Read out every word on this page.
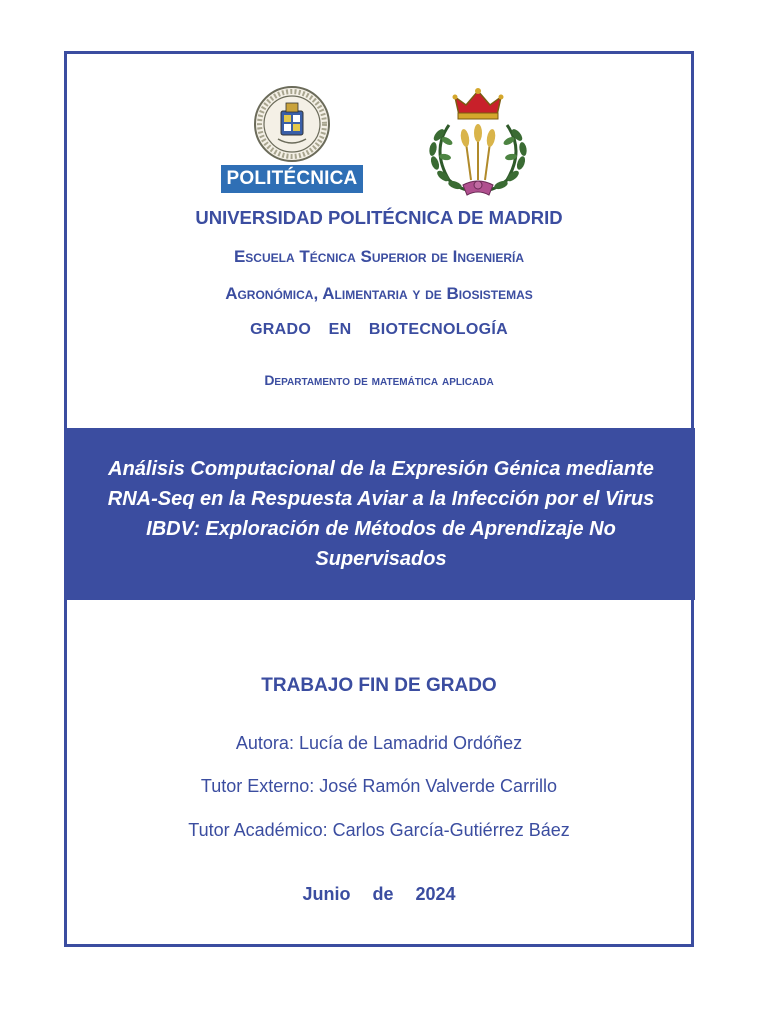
POLITÉCNICA
UNIVERSIDAD POLITÉCNICA DE MADRID
Escuela Técnica Superior de Ingeniería
Agronómica, Alimentaria y de Biosistemas
GRADO  EN  BIOTECNOLOGÍA
Departamento de matemática aplicada
Análisis Computacional de la Expresión Génica mediante RNA-Seq en la Respuesta Aviar a la Infección por el Virus IBDV: Exploración de Métodos de Aprendizaje No Supervisados
TRABAJO FIN DE GRADO
Autora: Lucía de Lamadrid Ordóñez
Tutor Externo: José Ramón Valverde Carrillo
Tutor Académico: Carlos García-Gutiérrez Báez
Junio  de  2024
